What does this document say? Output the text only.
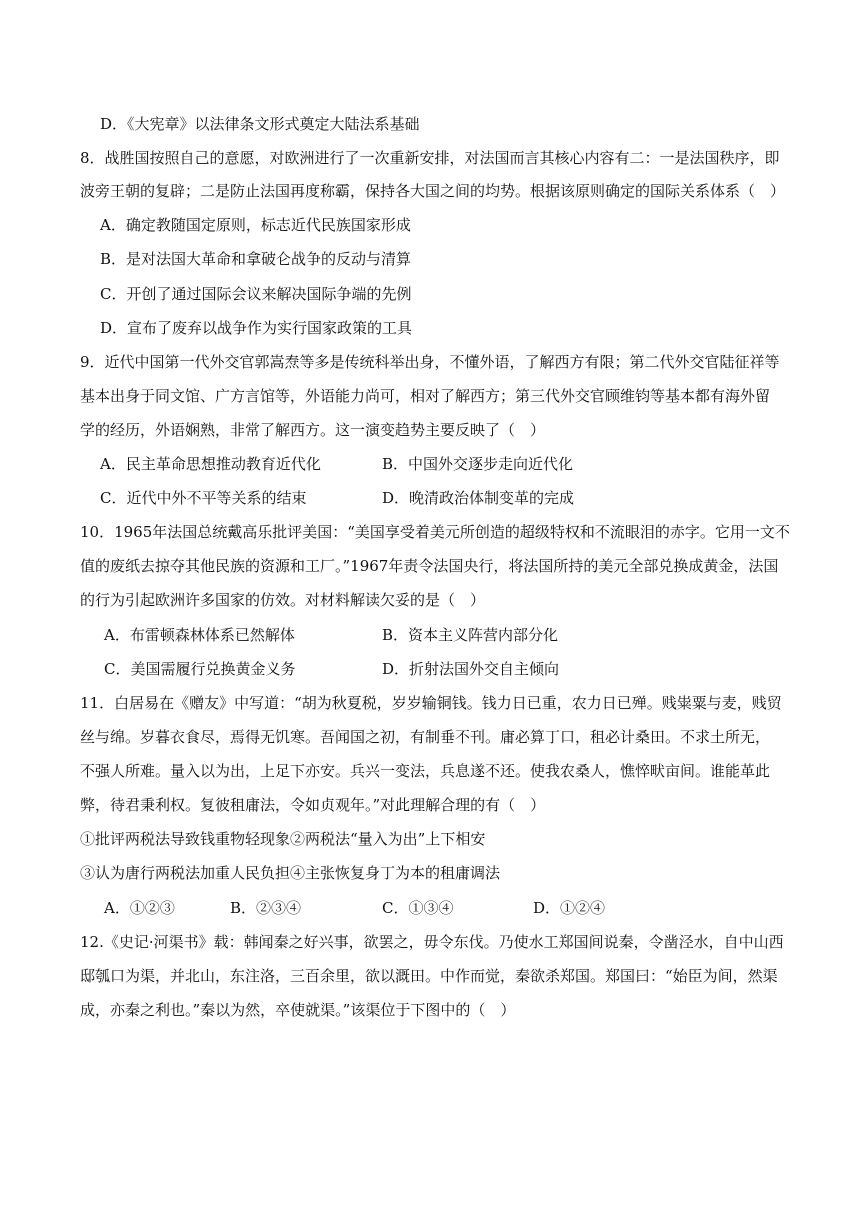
D．《大宪章》以法律条文形式奠定大陆法系基础
8．战胜国按照自己的意愿，对欧洲进行了一次重新安排，对法国而言其核心内容有二：一是法国秩序，即
波旁王朝的复辟；二是防止法国再度称霸，保持各大国之间的均势。根据该原则确定的国际关系体系（　）
A．确定教随国定原则，标志近代民族国家形成
B．是对法国大革命和拿破仑战争的反动与清算
C．开创了通过国际会议来解决国际争端的先例
D．宣布了废弃以战争作为实行国家政策的工具
9．近代中国第一代外交官郭嵩焘等多是传统科举出身，不懂外语，了解西方有限；第二代外交官陆征祥等
基本出身于同文馆、广方言馆等，外语能力尚可，相对了解西方；第三代外交官顾维钧等基本都有海外留
学的经历，外语娴熟，非常了解西方。这一演变趋势主要反映了（　）
A．民主革命思想推动教育近代化	B．中国外交逐步走向近代化
C．近代中外不平等关系的结束	D．晚清政治体制变革的完成
10．1965年法国总统戴高乐批评美国：“美国享受着美元所创造的超级特权和不流眼泪的赤字。它用一文不
值的废纸去掠夺其他民族的资源和工厂。”1967年责令法国央行，将法国所持的美元全部兑换成黄金，法国
的行为引起欧洲许多国家的仿效。对材料解读欠妥的是（　）
A．布雷顿森林体系已然解体	B．资本主义阵营内部分化
C．美国需履行兑换黄金义务	D．折射法国外交自主倾向
11．白居易在《赠友》中写道：“胡为秋夏税，岁岁输铜钱。钱力日已重，农力日已殚。贱粜粟与麦，贱贸
丝与绵。岁暮衣食尽，焉得无饥寒。吾闻国之初，有制垂不刊。庸必算丁口，租必计桑田。不求土所无，
不强人所难。量入以为出，上足下亦安。兵兴一变法，兵息遂不还。使我农桑人，憔悴畎亩间。谁能革此
弊，待君秉利权。复彼租庸法，令如贞观年。”对此理解合理的有（　）
①批评两税法导致钱重物轻现象②两税法“量入为出”上下相安
③认为唐行两税法加重人民负担④主张恢复身丁为本的租庸调法
A．①②③	B．②③④	C．①③④	D．①②④
12.《史记·河渠书》载：韩闻秦之好兴事，欲罢之，毋令东伐。乃使水工郑国间说秦，令凿泾水，自中山西
邸瓠口为渠，并北山，东注洛，三百余里，欲以溉田。中作而觉，秦欲杀郑国。郑国曰：“始臣为间，然渠
成，亦秦之利也。”秦以为然，卒使就渠。”该渠位于下图中的（　）
